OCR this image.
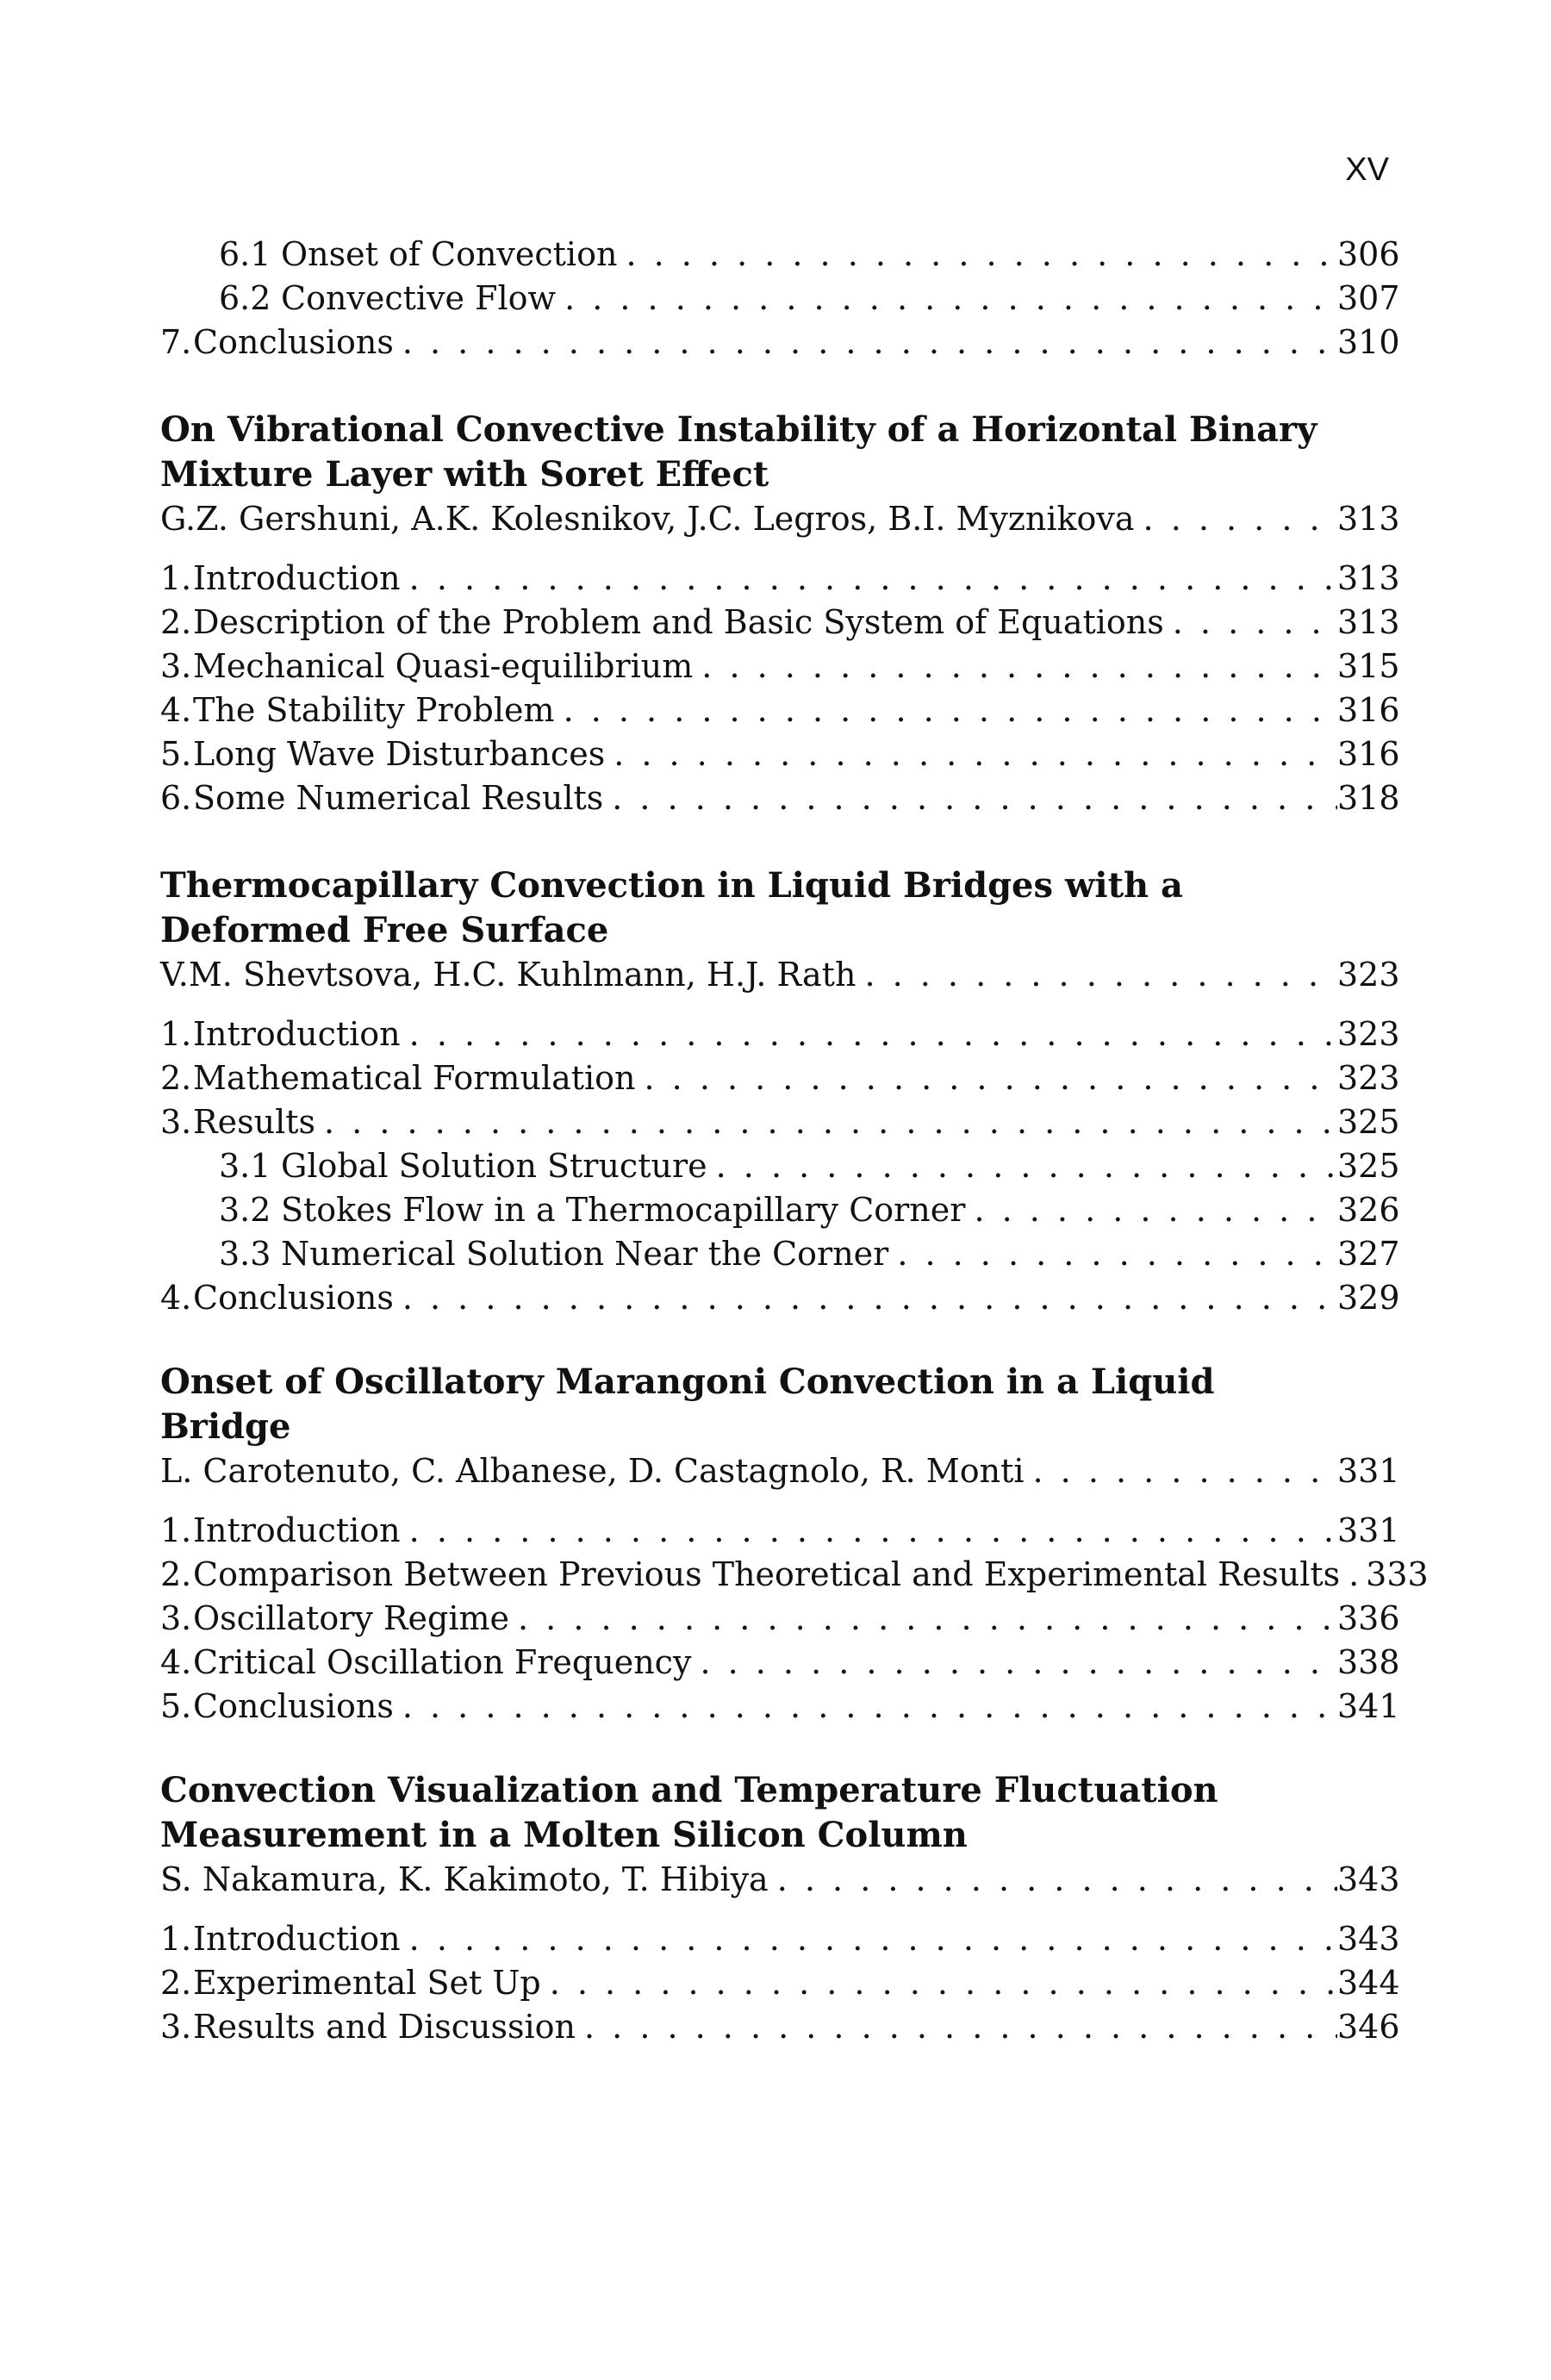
XV
6.1 Onset of Convection . . .	306
6.2 Convective Flow . . .	307
7. Conclusions . . .	310
On Vibrational Convective Instability of a Horizontal Binary Mixture Layer with Soret Effect
G.Z. Gershuni, A.K. Kolesnikov, J.C. Legros, B.I. Myznikova . . .	313
1. Introduction . . .	313
2. Description of the Problem and Basic System of Equations . . .	313
3. Mechanical Quasi-equilibrium . . .	315
4. The Stability Problem . . .	316
5. Long Wave Disturbances . . .	316
6. Some Numerical Results . . .	318
Thermocapillary Convection in Liquid Bridges with a Deformed Free Surface
V.M. Shevtsova, H.C. Kuhlmann, H.J. Rath . . .	323
1. Introduction . . .	323
2. Mathematical Formulation . . .	323
3. Results . . .	325
3.1 Global Solution Structure . . .	325
3.2 Stokes Flow in a Thermocapillary Corner . . .	326
3.3 Numerical Solution Near the Corner . . .	327
4. Conclusions . . .	329
Onset of Oscillatory Marangoni Convection in a Liquid Bridge
L. Carotenuto, C. Albanese, D. Castagnolo, R. Monti . . .	331
1. Introduction . . .	331
2. Comparison Between Previous Theoretical and Experimental Results . . . 333
3. Oscillatory Regime . . .	336
4. Critical Oscillation Frequency . . .	338
5. Conclusions . . .	341
Convection Visualization and Temperature Fluctuation Measurement in a Molten Silicon Column
S. Nakamura, K. Kakimoto, T. Hibiya . . .	343
1. Introduction . . .	343
2. Experimental Set Up . . .	344
3. Results and Discussion . . .	346
